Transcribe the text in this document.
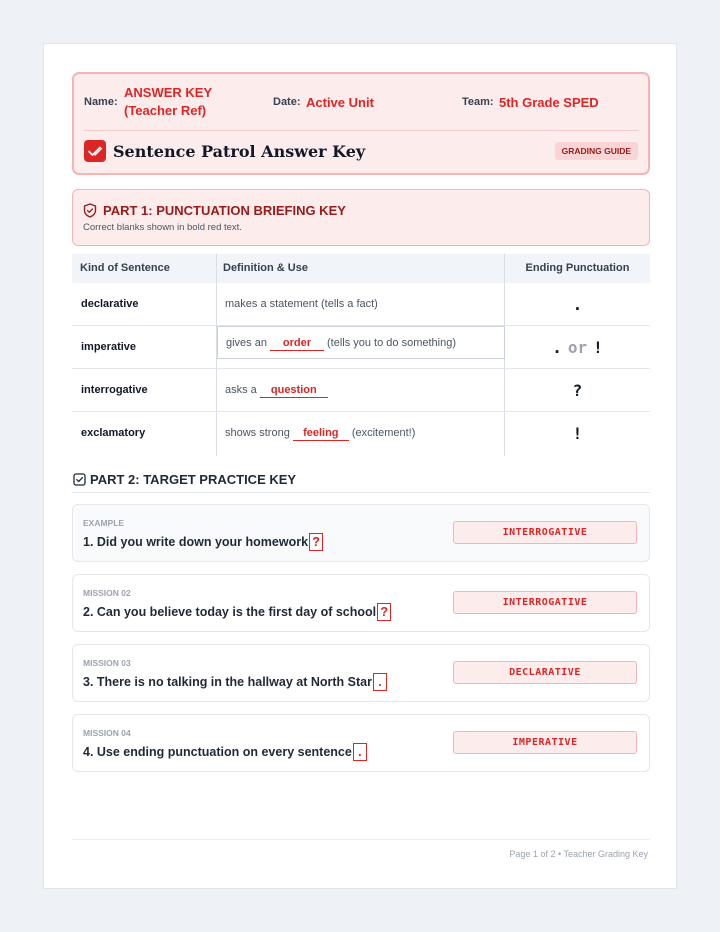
Name:
ANSWER KEY
(Teacher Ref)
Date: Active Unit	Team: 5th Grade SPED
Sentence Patrol Answer Key	GRADING GUIDE
PART 1: PUNCTUATION BRIEFING KEY
Correct blanks shown in bold red text.
Kind of Sentence	Definition & Use	Ending Punctuation
declarative	makes a statement (tells a fact)	.
imperative	gives an order (tells you to do something)	. or !
interrogative	asks a question	?
exclamatory	shows strong feeling (excitement!)	!
PART 2: TARGET PRACTICE KEY
EXAMPLE
1. Did you write down your homework ?
INTERROGATIVE
MISSION 02
2. Can you believe today is the first day of school ?
INTERROGATIVE
MISSION 03
3. There is no talking in the hallway at North Star .
DECLARATIVE
MISSION 04
4. Use ending punctuation on every sentence .
IMPERATIVE
Page 1 of 2 • Teacher Grading Key
